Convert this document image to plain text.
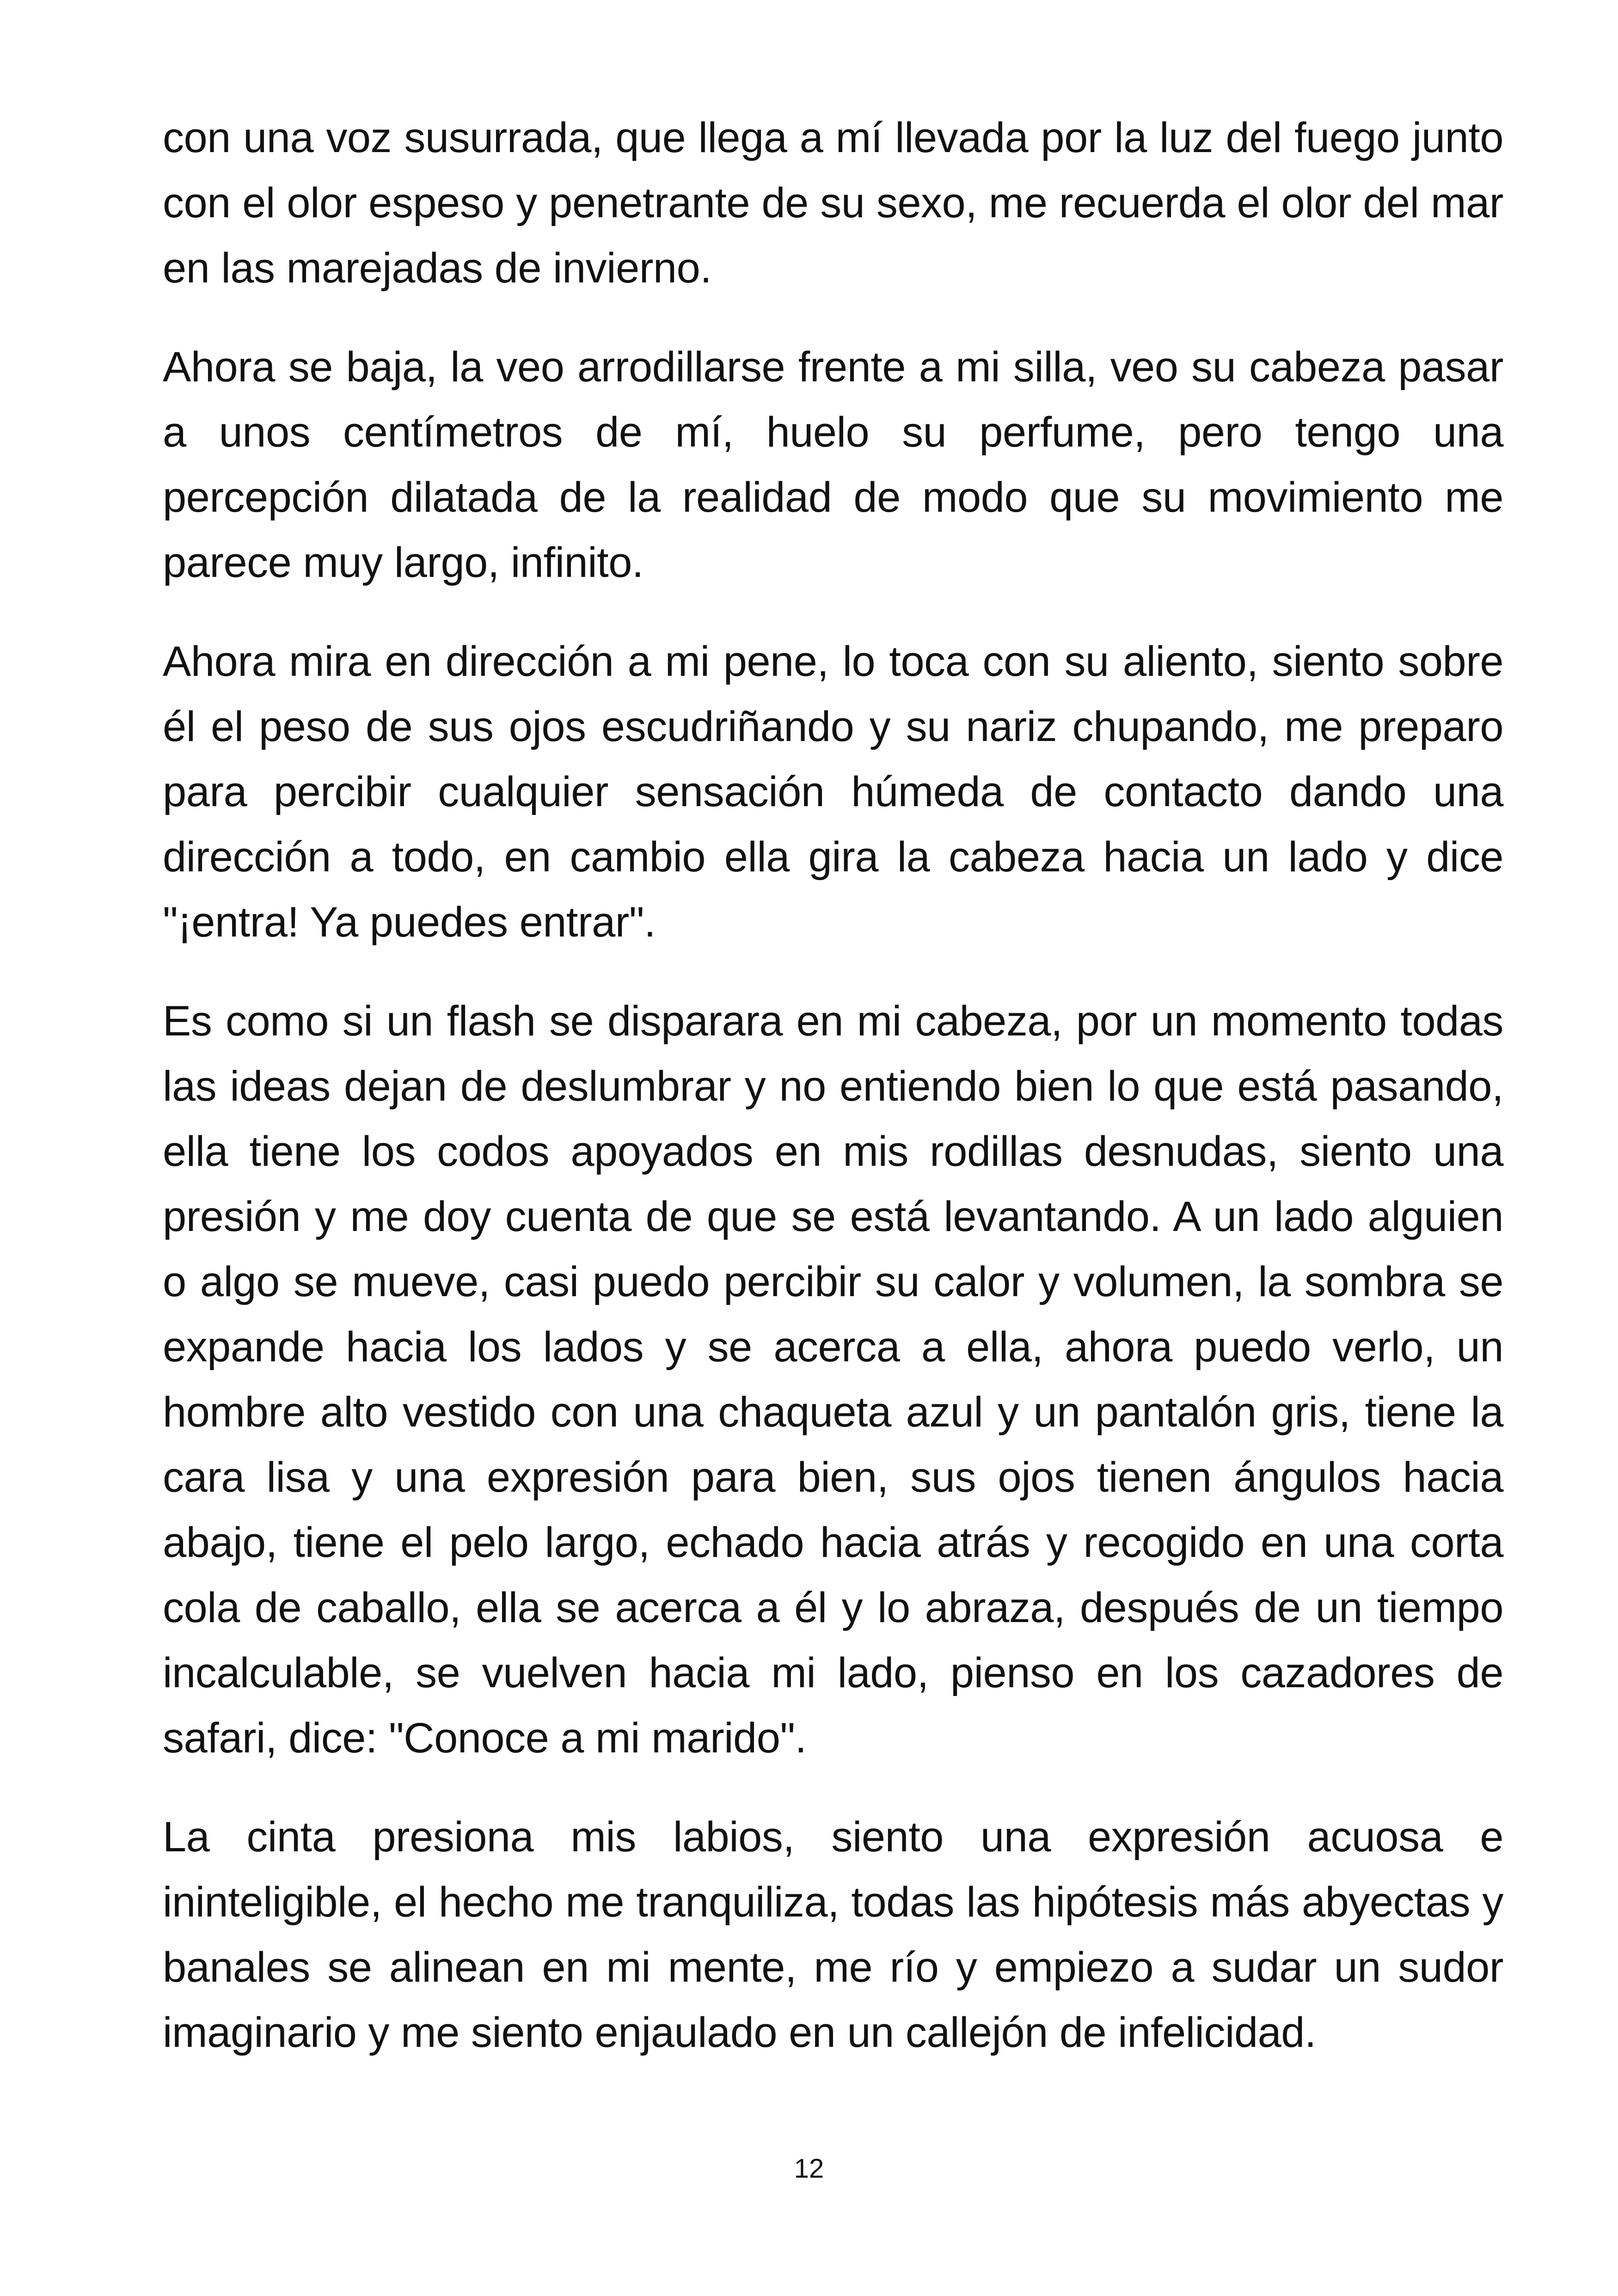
con una voz susurrada, que llega a mí llevada por la luz del fuego junto con el olor espeso y penetrante de su sexo, me recuerda el olor del mar en las marejadas de invierno.

Ahora se baja, la veo arrodillarse frente a mi silla, veo su cabeza pasar a unos centímetros de mí, huelo su perfume, pero tengo una percepción dilatada de la realidad de modo que su movimiento me parece muy largo, infinito.

Ahora mira en dirección a mi pene, lo toca con su aliento, siento sobre él el peso de sus ojos escudriñando y su nariz chupando, me preparo para percibir cualquier sensación húmeda de contacto dando una dirección a todo, en cambio ella gira la cabeza hacia un lado y dice "¡entra! Ya puedes entrar".

Es como si un flash se disparara en mi cabeza, por un momento todas las ideas dejan de deslumbrar y no entiendo bien lo que está pasando, ella tiene los codos apoyados en mis rodillas desnudas, siento una presión y me doy cuenta de que se está levantando. A un lado alguien o algo se mueve, casi puedo percibir su calor y volumen, la sombra se expande hacia los lados y se acerca a ella, ahora puedo verlo, un hombre alto vestido con una chaqueta azul y un pantalón gris, tiene la cara lisa y una expresión para bien, sus ojos tienen ángulos hacia abajo, tiene el pelo largo, echado hacia atrás y recogido en una corta cola de caballo, ella se acerca a él y lo abraza, después de un tiempo incalculable, se vuelven hacia mi lado, pienso en los cazadores de safari, dice: "Conoce a mi marido".

La cinta presiona mis labios, siento una expresión acuosa e ininteligible, el hecho me tranquiliza, todas las hipótesis más abyectas y banales se alinean en mi mente, me río y empiezo a sudar un sudor imaginario y me siento enjaulado en un callejón de infelicidad.

12
